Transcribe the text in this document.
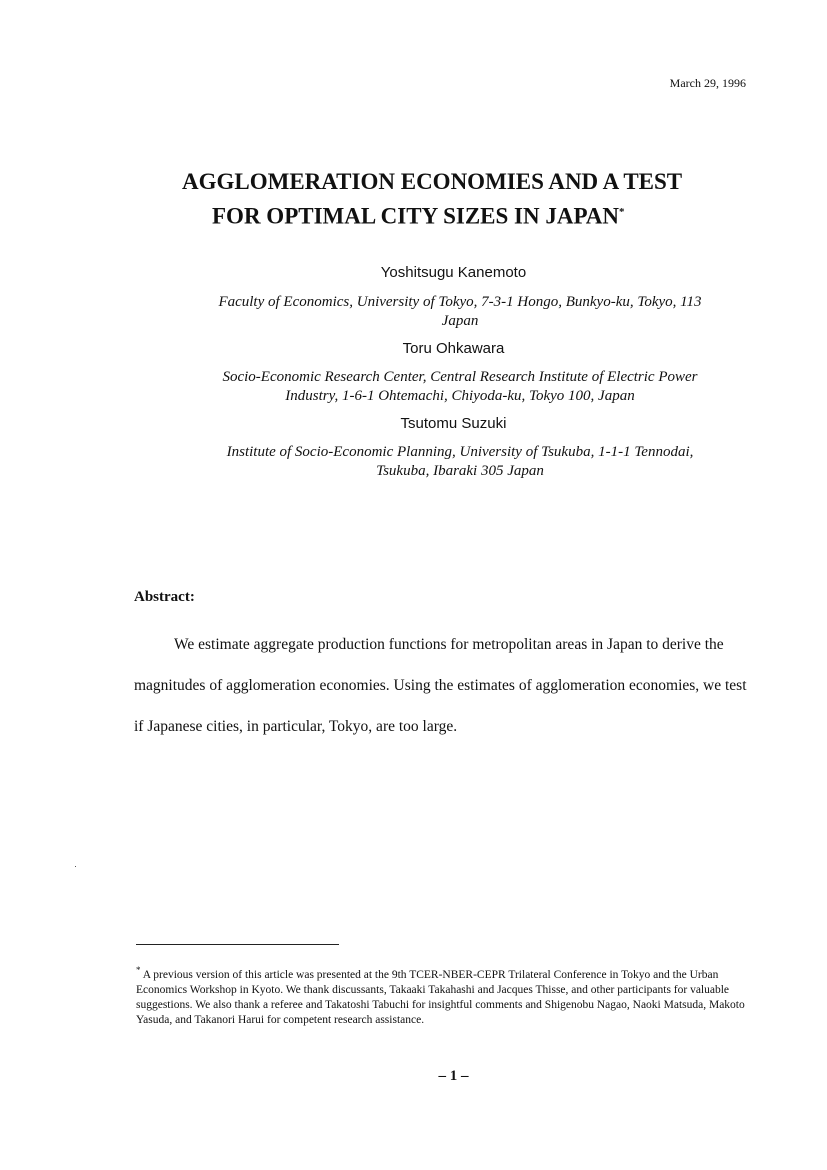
March 29, 1996
AGGLOMERATION ECONOMIES AND A TEST
FOR OPTIMAL CITY SIZES IN JAPAN*
Yoshitsugu Kanemoto
Faculty of Economics, University of Tokyo, 7-3-1 Hongo, Bunkyo-ku, Tokyo, 113
Japan
Toru Ohkawara
Socio-Economic Research Center, Central Research Institute of Electric Power
Industry, 1-6-1 Ohtemachi, Chiyoda-ku, Tokyo 100, Japan
Tsutomu Suzuki
Institute of Socio-Economic Planning, University of Tsukuba, 1-1-1 Tennodai,
Tsukuba, Ibaraki 305 Japan
Abstract:

We estimate aggregate production functions for metropolitan areas in Japan to derive the magnitudes of agglomeration economies. Using the estimates of agglomeration economies, we test if Japanese cities, in particular, Tokyo, are too large.

* A previous version of this article was presented at the 9th TCER-NBER-CEPR Trilateral Conference in Tokyo and the Urban Economics Workshop in Kyoto. We thank discussants, Takaaki Takahashi and Jacques Thisse, and other participants for valuable suggestions. We also thank a referee and Takatoshi Tabuchi for insightful comments and Shigenobu Nagao, Naoki Matsuda, Makoto Yasuda, and Takanori Harui for competent research assistance.

– 1 –
